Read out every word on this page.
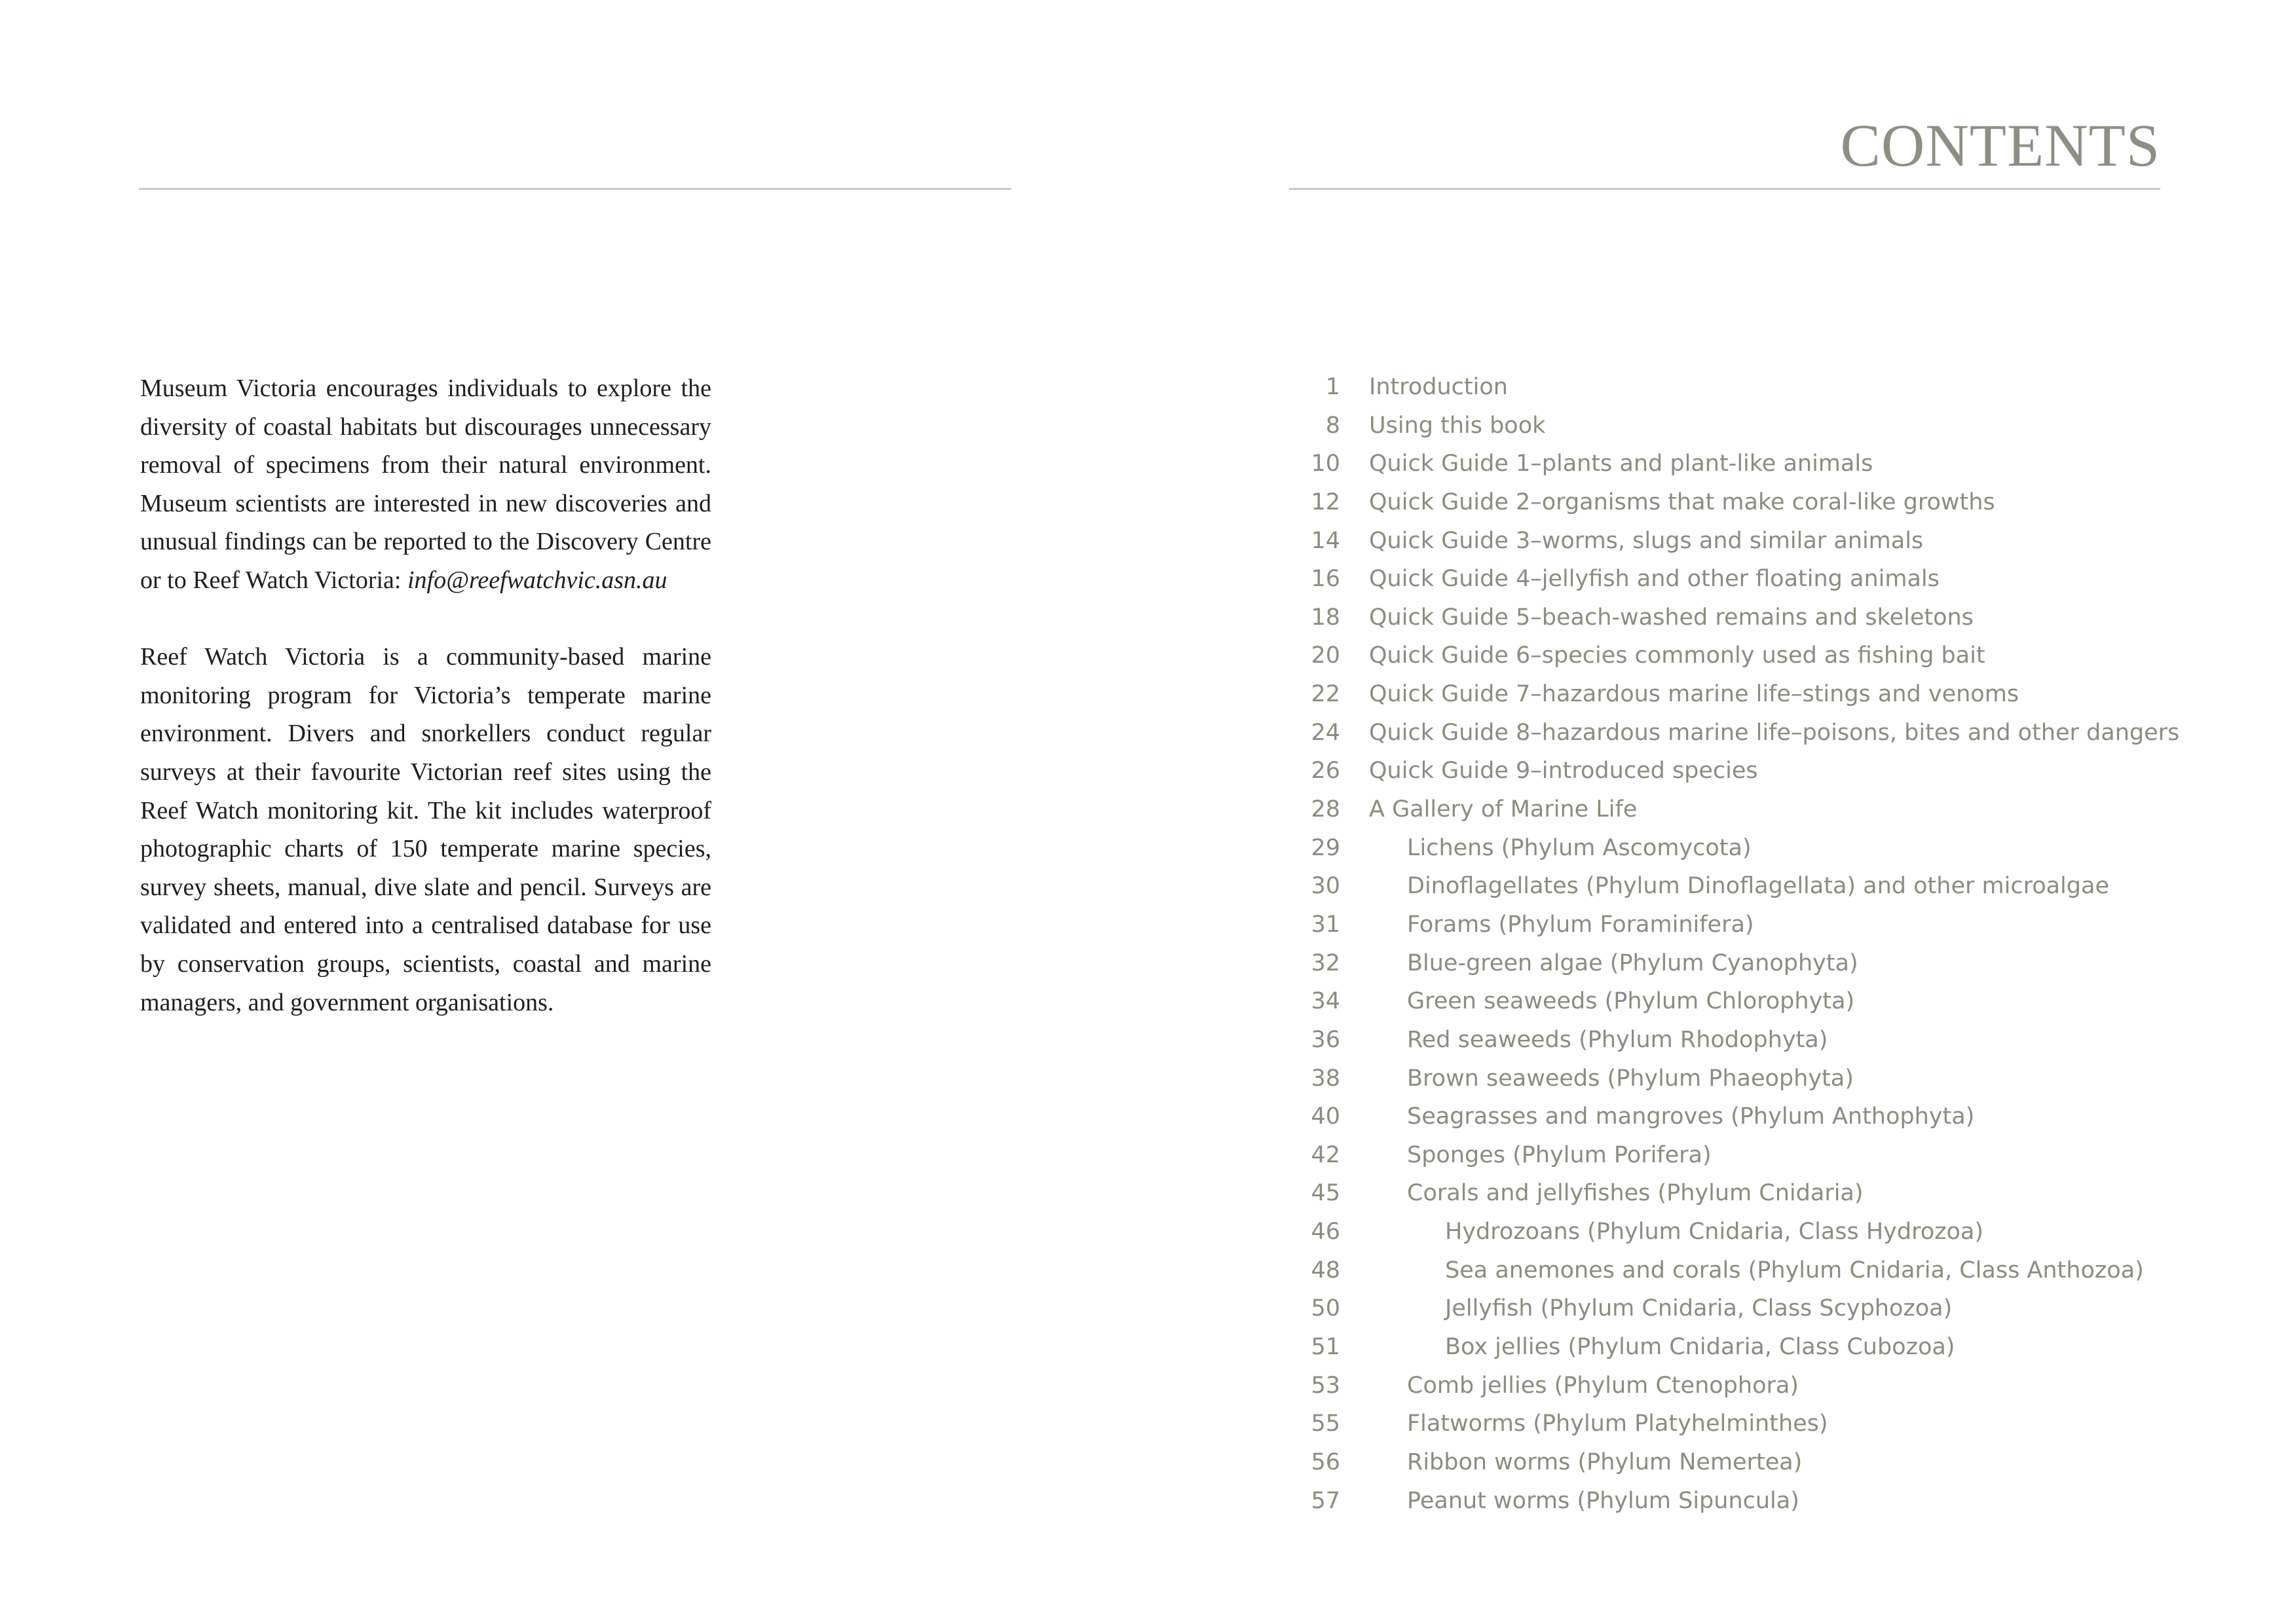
CONTENTS

Museum Victoria encourages individuals to explore the diversity of coastal habitats but discourages unnecessary removal of specimens from their natural environment. Museum scientists are interested in new discoveries and unusual findings can be reported to the Discovery Centre or to Reef Watch Victoria: info@reefwatchvic.asn.au

Reef Watch Victoria is a community-based marine monitoring program for Victoria’s temperate marine environment. Divers and snorkellers conduct regular surveys at their favourite Victorian reef sites using the Reef Watch monitoring kit. The kit includes waterproof photographic charts of 150 temperate marine species, survey sheets, manual, dive slate and pencil. Surveys are validated and entered into a centralised database for use by conservation groups, scientists, coastal and marine managers, and government organisations.

1	Introduction
8	Using this book
10	Quick Guide 1–plants and plant-like animals
12	Quick Guide 2–organisms that make coral-like growths
14	Quick Guide 3–worms, slugs and similar animals
16	Quick Guide 4–jellyfish and other floating animals
18	Quick Guide 5–beach-washed remains and skeletons
20	Quick Guide 6–species commonly used as fishing bait
22	Quick Guide 7–hazardous marine life–stings and venoms
24	Quick Guide 8–hazardous marine life–poisons, bites and other dangers
26	Quick Guide 9–introduced species
28	A Gallery of Marine Life
29	Lichens (Phylum Ascomycota)
30	Dinoflagellates (Phylum Dinoflagellata) and other microalgae
31	Forams (Phylum Foraminifera)
32	Blue-green algae (Phylum Cyanophyta)
34	Green seaweeds (Phylum Chlorophyta)
36	Red seaweeds (Phylum Rhodophyta)
38	Brown seaweeds (Phylum Phaeophyta)
40	Seagrasses and mangroves (Phylum Anthophyta)
42	Sponges (Phylum Porifera)
45	Corals and jellyfishes (Phylum Cnidaria)
46	Hydrozoans (Phylum Cnidaria, Class Hydrozoa)
48	Sea anemones and corals (Phylum Cnidaria, Class Anthozoa)
50	Jellyfish (Phylum Cnidaria, Class Scyphozoa)
51	Box jellies (Phylum Cnidaria, Class Cubozoa)
53	Comb jellies (Phylum Ctenophora)
55	Flatworms (Phylum Platyhelminthes)
56	Ribbon worms (Phylum Nemertea)
57	Peanut worms (Phylum Sipuncula)
